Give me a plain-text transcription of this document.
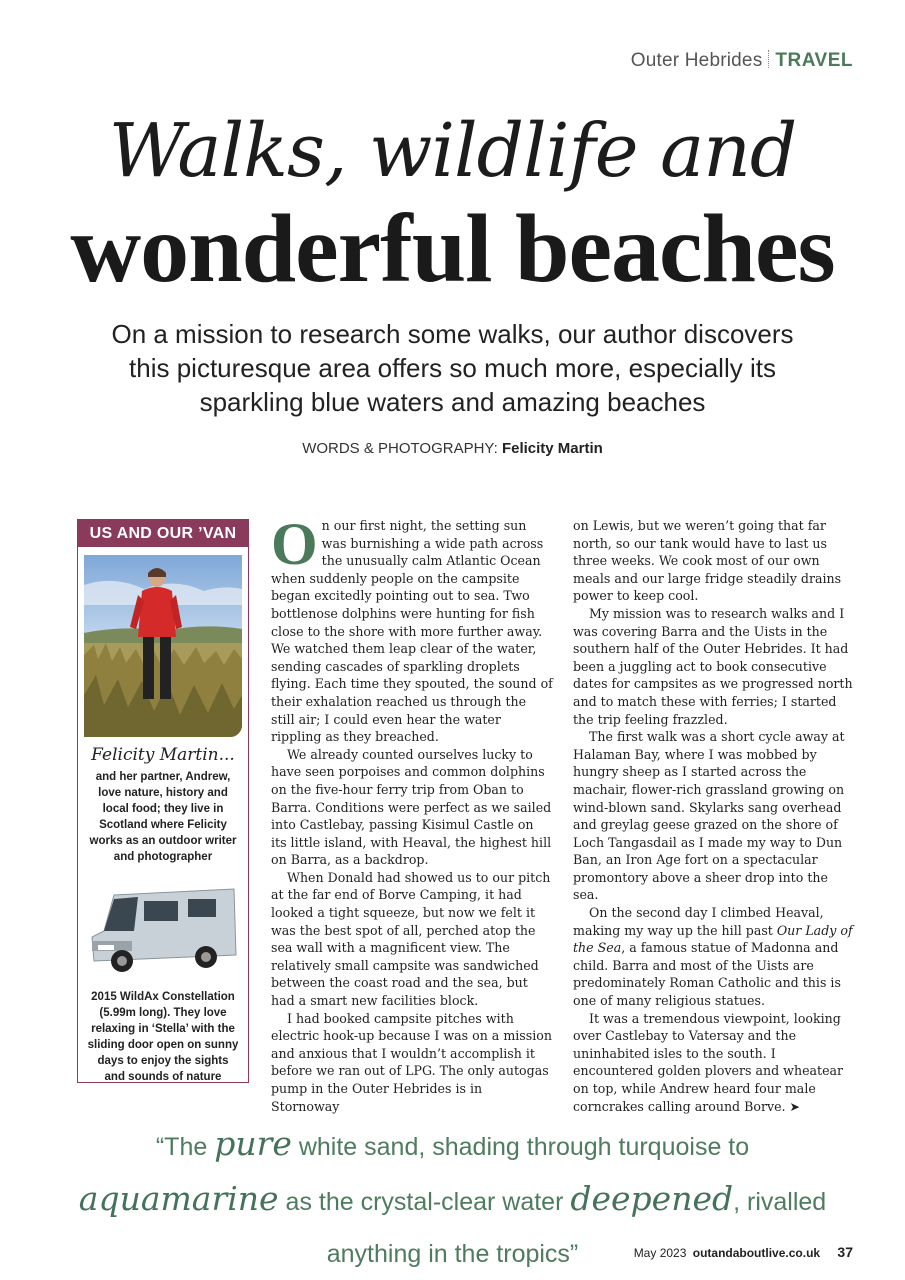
Outer Hebrides TRAVEL
Walks, wildlife and
wonderful beaches
On a mission to research some walks, our author discovers this picturesque area offers so much more, especially its sparkling blue waters and amazing beaches
WORDS & PHOTOGRAPHY: Felicity Martin
US AND OUR ’VAN
Felicity Martin...
and her partner, Andrew, love nature, history and local food; they live in Scotland where Felicity works as an outdoor writer and photographer
2015 WildAx Constellation (5.99m long). They love relaxing in ‘Stella’ with the sliding door open on sunny days to enjoy the sights and sounds of nature

On our first night, the setting sun was burnishing a wide path across the unusually calm Atlantic Ocean when suddenly people on the campsite began excitedly pointing out to sea. Two bottlenose dolphins were hunting for fish close to the shore with more further away. We watched them leap clear of the water, sending cascades of sparkling droplets flying. Each time they spouted, the sound of their exhalation reached us through the still air; I could even hear the water rippling as they breached.

We already counted ourselves lucky to have seen porpoises and common dolphins on the five-hour ferry trip from Oban to Barra. Conditions were perfect as we sailed into Castlebay, passing Kisimul Castle on its little island, with Heaval, the highest hill on Barra, as a backdrop.

When Donald had showed us to our pitch at the far end of Borve Camping, it had looked a tight squeeze, but now we felt it was the best spot of all, perched atop the sea wall with a magnificent view. The relatively small campsite was sandwiched between the coast road and the sea, but had a smart new facilities block.

I had booked campsite pitches with electric hook-up because I was on a mission and anxious that I wouldn’t accomplish it before we ran out of LPG. The only autogas pump in the Outer Hebrides is in Stornoway

on Lewis, but we weren’t going that far north, so our tank would have to last us three weeks. We cook most of our own meals and our large fridge steadily drains power to keep cool.

My mission was to research walks and I was covering Barra and the Uists in the southern half of the Outer Hebrides. It had been a juggling act to book consecutive dates for campsites as we progressed north and to match these with ferries; I started the trip feeling frazzled.

The first walk was a short cycle away at Halaman Bay, where I was mobbed by hungry sheep as I started across the machair, flower-rich grassland growing on wind-blown sand. Skylarks sang overhead and greylag geese grazed on the shore of Loch Tangasdail as I made my way to Dun Ban, an Iron Age fort on a spectacular promontory above a sheer drop into the sea.

On the second day I climbed Heaval, making my way up the hill past Our Lady of the Sea, a famous statue of Madonna and child. Barra and most of the Uists are predominately Roman Catholic and this is one of many religious statues.

It was a tremendous viewpoint, looking over Castlebay to Vatersay and the uninhabited isles to the south. I encountered golden plovers and wheatear on top, while Andrew heard four male corncrakes calling around Borve. ➤

“The pure white sand, shading through turquoise to aquamarine as the crystal-clear water deepened, rivalled anything in the tropics”	May 2023 outandaboutlive.co.uk 37
